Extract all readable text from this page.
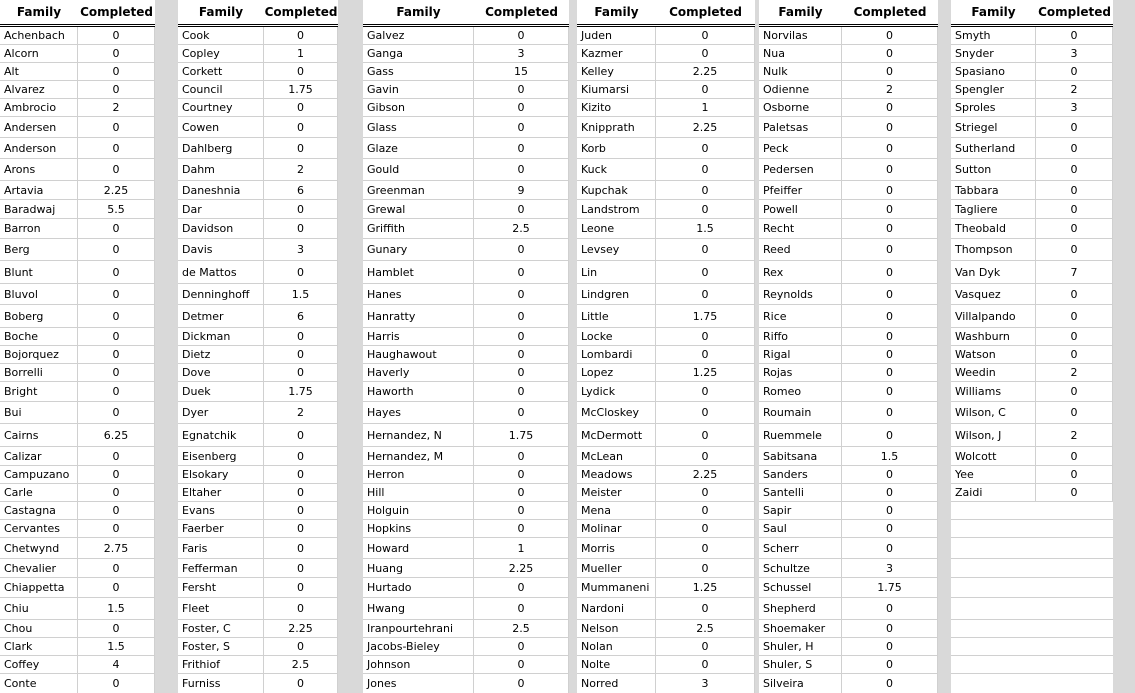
Family	Completed
Achenbach	0
Alcorn	0
Alt	0
Alvarez	0
Ambrocio	2
Andersen	0
Anderson	0
Arons	0
Artavia	2.25
Baradwaj	5.5
Barron	0
Berg	0
Blunt	0
Bluvol	0
Boberg	0
Boche	0
Bojorquez	0
Borrelli	0
Bright	0
Bui	0
Cairns	6.25
Calizar	0
Campuzano	0
Carle	0
Castagna	0
Cervantes	0
Chetwynd	2.75
Chevalier	0
Chiappetta	0
Chiu	1.5
Chou	0
Clark	1.5
Coffey	4
Conte	0
Family	Completed
Cook	0
Copley	1
Corkett	0
Council	1.75
Courtney	0
Cowen	0
Dahlberg	0
Dahm	2
Daneshnia	6
Dar	0
Davidson	0
Davis	3
de Mattos	0
Denninghoff	1.5
Detmer	6
Dickman	0
Dietz	0
Dove	0
Duek	1.75
Dyer	2
Egnatchik	0
Eisenberg	0
Elsokary	0
Eltaher	0
Evans	0
Faerber	0
Faris	0
Fefferman	0
Fersht	0
Fleet	0
Foster, C	2.25
Foster, S	0
Frithiof	2.5
Furniss	0
Family	Completed
Galvez	0
Ganga	3
Gass	15
Gavin	0
Gibson	0
Glass	0
Glaze	0
Gould	0
Greenman	9
Grewal	0
Griffith	2.5
Gunary	0
Hamblet	0
Hanes	0
Hanratty	0
Harris	0
Haughawout	0
Haverly	0
Haworth	0
Hayes	0
Hernandez, N	1.75
Hernandez, M	0
Herron	0
Hill	0
Holguin	0
Hopkins	0
Howard	1
Huang	2.25
Hurtado	0
Hwang	0
Iranpourtehrani	2.5
Jacobs-Bieley	0
Johnson	0
Jones	0
Family	Completed
Juden	0
Kazmer	0
Kelley	2.25
Kiumarsi	0
Kizito	1
Knipprath	2.25
Korb	0
Kuck	0
Kupchak	0
Landstrom	0
Leone	1.5
Levsey	0
Lin	0
Lindgren	0
Little	1.75
Locke	0
Lombardi	0
Lopez	1.25
Lydick	0
McCloskey	0
McDermott	0
McLean	0
Meadows	2.25
Meister	0
Mena	0
Molinar	0
Morris	0
Mueller	0
Mummaneni	1.25
Nardoni	0
Nelson	2.5
Nolan	0
Nolte	0
Norred	3
Family	Completed
Norvilas	0
Nua	0
Nulk	0
Odienne	2
Osborne	0
Paletsas	0
Peck	0
Pedersen	0
Pfeiffer	0
Powell	0
Recht	0
Reed	0
Rex	0
Reynolds	0
Rice	0
Riffo	0
Rigal	0
Rojas	0
Romeo	0
Roumain	0
Ruemmele	0
Sabitsana	1.5
Sanders	0
Santelli	0
Sapir	0
Saul	0
Scherr	0
Schultze	3
Schussel	1.75
Shepherd	0
Shoemaker	0
Shuler, H	0
Shuler, S	0
Silveira	0
Family	Completed
Smyth	0
Snyder	3
Spasiano	0
Spengler	2
Sproles	3
Striegel	0
Sutherland	0
Sutton	0
Tabbara	0
Tagliere	0
Theobald	0
Thompson	0
Van Dyk	7
Vasquez	0
Villalpando	0
Washburn	0
Watson	0
Weedin	2
Williams	0
Wilson, C	0
Wilson, J	2
Wolcott	0
Yee	0
Zaidi	0
